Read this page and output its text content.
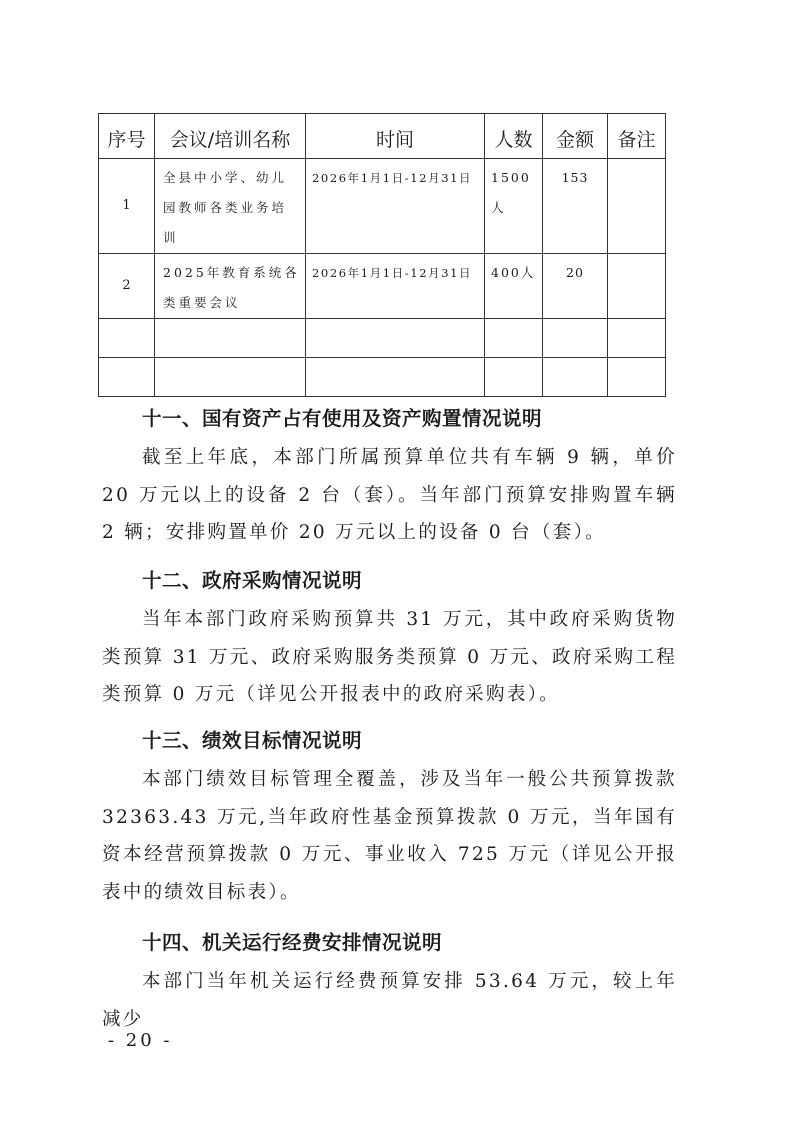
序号	会议/培训名称	时间	人数	金额	备注
1	全县中小学、幼儿园教师各类业务培训	2026年1月1日-12月31日	1500人	153	
2	2025年教育系统各类重要会议	2026年1月1日-12月31日	400人	20	

十一、国有资产占有使用及资产购置情况说明

截至上年底，本部门所属预算单位共有车辆 9 辆，单价 20 万元以上的设备 2 台（套）。当年部门预算安排购置车辆 2 辆；安排购置单价 20 万元以上的设备 0 台（套）。

十二、政府采购情况说明

当年本部门政府采购预算共 31 万元，其中政府采购货物类预算 31 万元、政府采购服务类预算 0 万元、政府采购工程类预算 0 万元（详见公开报表中的政府采购表）。

十三、绩效目标情况说明

本部门绩效目标管理全覆盖，涉及当年一般公共预算拨款 32363.43 万元,当年政府性基金预算拨款 0 万元，当年国有资本经营预算拨款 0 万元、事业收入 725 万元（详见公开报表中的绩效目标表）。

十四、机关运行经费安排情况说明

本部门当年机关运行经费预算安排 53.64 万元，较上年减少

- 20 -
